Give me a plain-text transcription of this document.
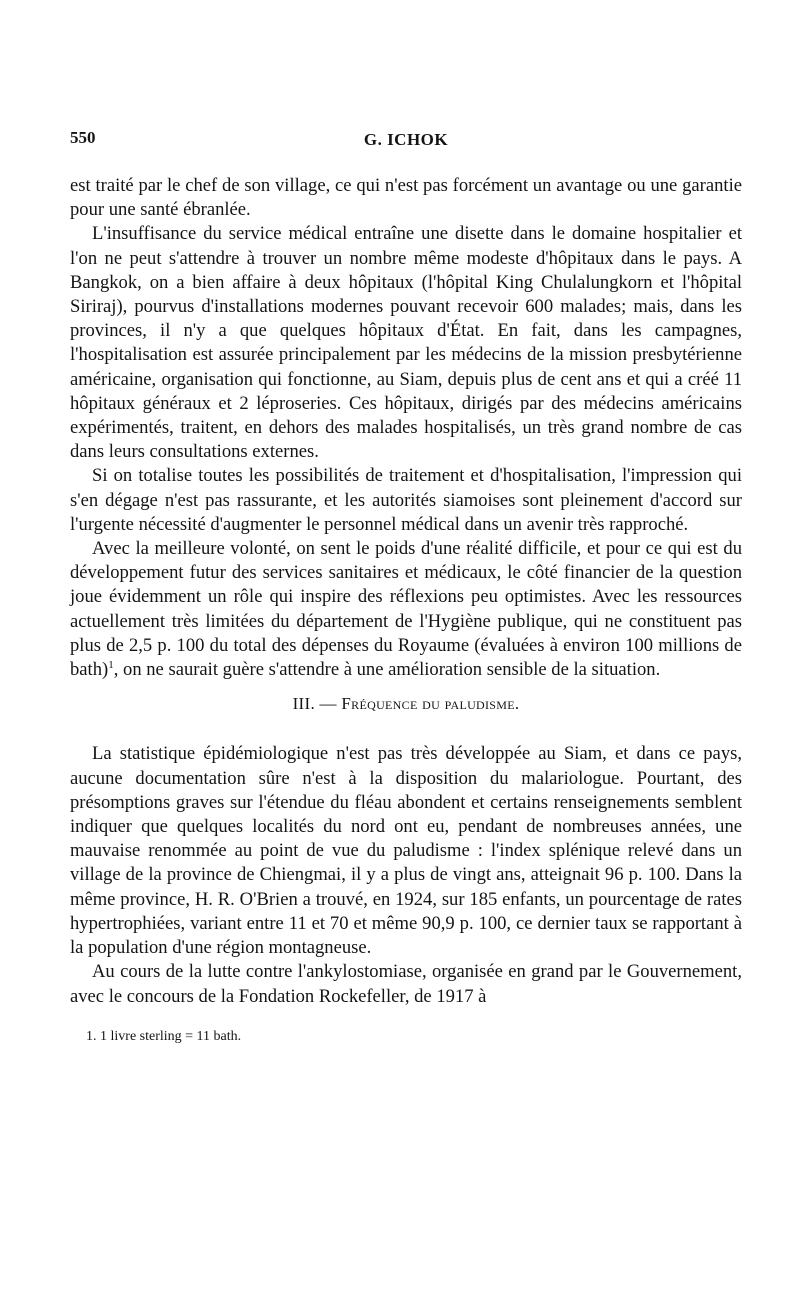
550	G. ICHOK

est traité par le chef de son village, ce qui n'est pas forcément un avantage ou une garantie pour une santé ébranlée.

L'insuffisance du service médical entraîne une disette dans le domaine hospitalier et l'on ne peut s'attendre à trouver un nombre même modeste d'hôpitaux dans le pays. A Bangkok, on a bien affaire à deux hôpitaux (l'hôpital King Chulalungkorn et l'hôpital Siriraj), pourvus d'installations modernes pouvant recevoir 600 malades; mais, dans les provinces, il n'y a que quelques hôpitaux d'État. En fait, dans les campagnes, l'hospitalisation est assurée principalement par les médecins de la mission presbytérienne américaine, organisation qui fonctionne, au Siam, depuis plus de cent ans et qui a créé 11 hôpitaux généraux et 2 léproseries. Ces hôpitaux, dirigés par des médecins américains expérimentés, traitent, en dehors des malades hospitalisés, un très grand nombre de cas dans leurs consultations externes.

Si on totalise toutes les possibilités de traitement et d'hospitalisation, l'impression qui s'en dégage n'est pas rassurante, et les autorités siamoises sont pleinement d'accord sur l'urgente nécessité d'augmenter le personnel médical dans un avenir très rapproché.

Avec la meilleure volonté, on sent le poids d'une réalité difficile, et pour ce qui est du développement futur des services sanitaires et médicaux, le côté financier de la question joue évidemment un rôle qui inspire des réflexions peu optimistes. Avec les ressources actuellement très limitées du département de l'Hygiène publique, qui ne constituent pas plus de 2,5 p. 100 du total des dépenses du Royaume (évaluées à environ 100 millions de bath)$^1$, on ne saurait guère s'attendre à une amélioration sensible de la situation.

III. — Fréquence du paludisme.

La statistique épidémiologique n'est pas très développée au Siam, et dans ce pays, aucune documentation sûre n'est à la disposition du malariologue. Pourtant, des présomptions graves sur l'étendue du fléau abondent et certains renseignements semblent indiquer que quelques localités du nord ont eu, pendant de nombreuses années, une mauvaise renommée au point de vue du paludisme : l'index splénique relevé dans un village de la province de Chiengmai, il y a plus de vingt ans, atteignait 96 p. 100. Dans la même province, H. R. O'Brien a trouvé, en 1924, sur 185 enfants, un pourcentage de rates hypertrophiées, variant entre 11 et 70 et même 90,9 p. 100, ce dernier taux se rapportant à la population d'une région montagneuse.

Au cours de la lutte contre l'ankylostomiase, organisée en grand par le Gouvernement, avec le concours de la Fondation Rockefeller, de 1917 à

1. 1 livre sterling = 11 bath.
